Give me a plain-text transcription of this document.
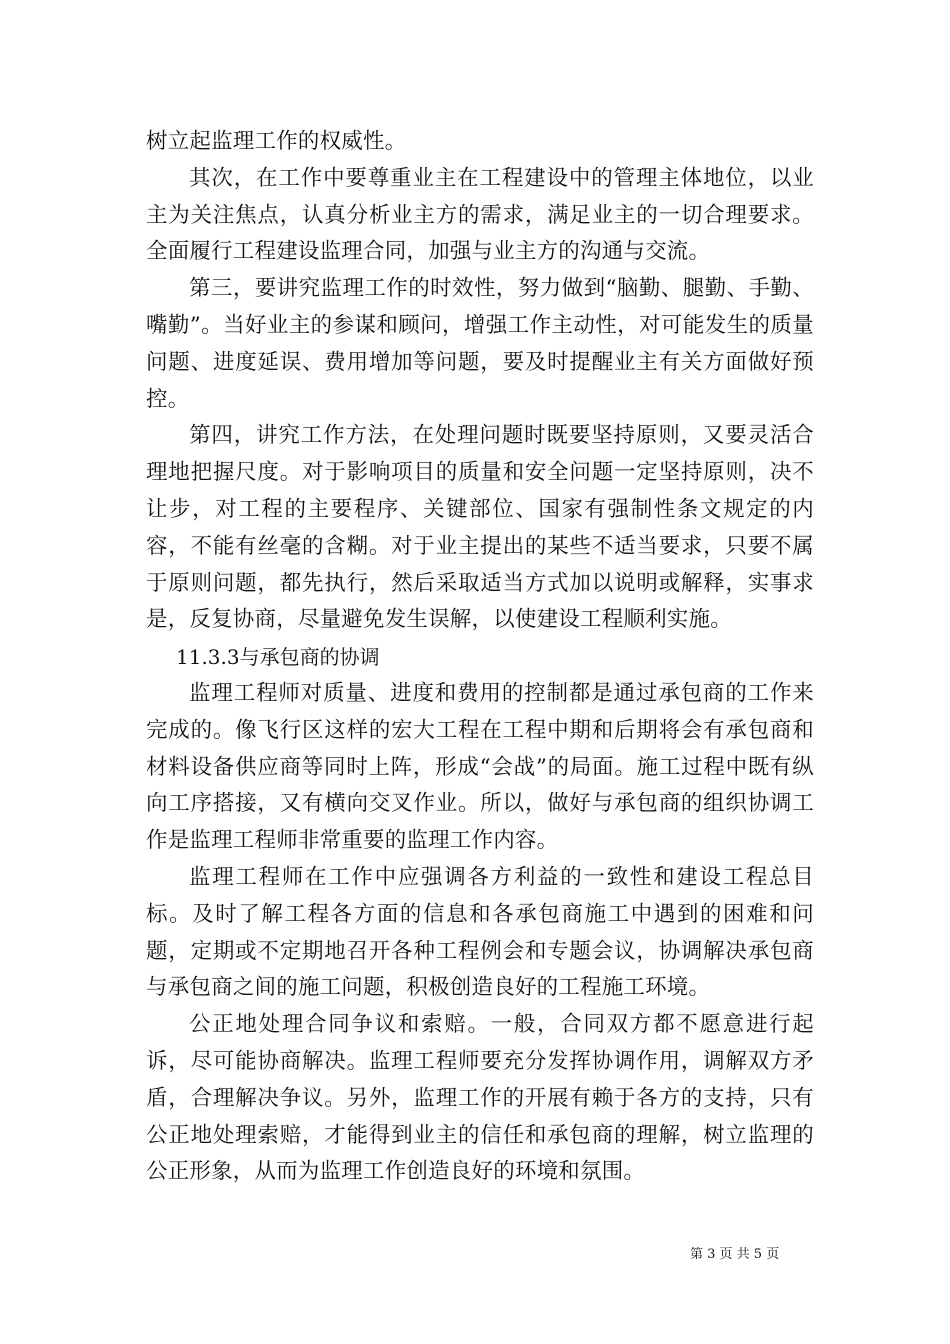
树立起监理工作的权威性。

其次，在工作中要尊重业主在工程建设中的管理主体地位，以业主为关注焦点，认真分析业主方的需求，满足业主的一切合理要求。全面履行工程建设监理合同，加强与业主方的沟通与交流。

第三，要讲究监理工作的时效性，努力做到“脑勤、腿勤、手勤、嘴勤”。当好业主的参谋和顾问，增强工作主动性，对可能发生的质量问题、进度延误、费用增加等问题，要及时提醒业主有关方面做好预控。

第四，讲究工作方法，在处理问题时既要坚持原则，又要灵活合理地把握尺度。对于影响项目的质量和安全问题一定坚持原则，决不让步，对工程的主要程序、关键部位、国家有强制性条文规定的内容，不能有丝毫的含糊。对于业主提出的某些不适当要求，只要不属于原则问题，都先执行，然后采取适当方式加以说明或解释，实事求是，反复协商，尽量避免发生误解，以使建设工程顺利实施。

11.3.3与承包商的协调

监理工程师对质量、进度和费用的控制都是通过承包商的工作来完成的。像飞行区这样的宏大工程在工程中期和后期将会有承包商和材料设备供应商等同时上阵，形成“会战”的局面。施工过程中既有纵向工序搭接，又有横向交叉作业。所以，做好与承包商的组织协调工作是监理工程师非常重要的监理工作内容。

监理工程师在工作中应强调各方利益的一致性和建设工程总目标。及时了解工程各方面的信息和各承包商施工中遇到的困难和问题，定期或不定期地召开各种工程例会和专题会议，协调解决承包商与承包商之间的施工问题，积极创造良好的工程施工环境。

公正地处理合同争议和索赔。一般，合同双方都不愿意进行起诉，尽可能协商解决。监理工程师要充分发挥协调作用，调解双方矛盾，合理解决争议。另外，监理工作的开展有赖于各方的支持，只有公正地处理索赔，才能得到业主的信任和承包商的理解，树立监理的公正形象，从而为监理工作创造良好的环境和氛围。

第 3 页 共 5 页
